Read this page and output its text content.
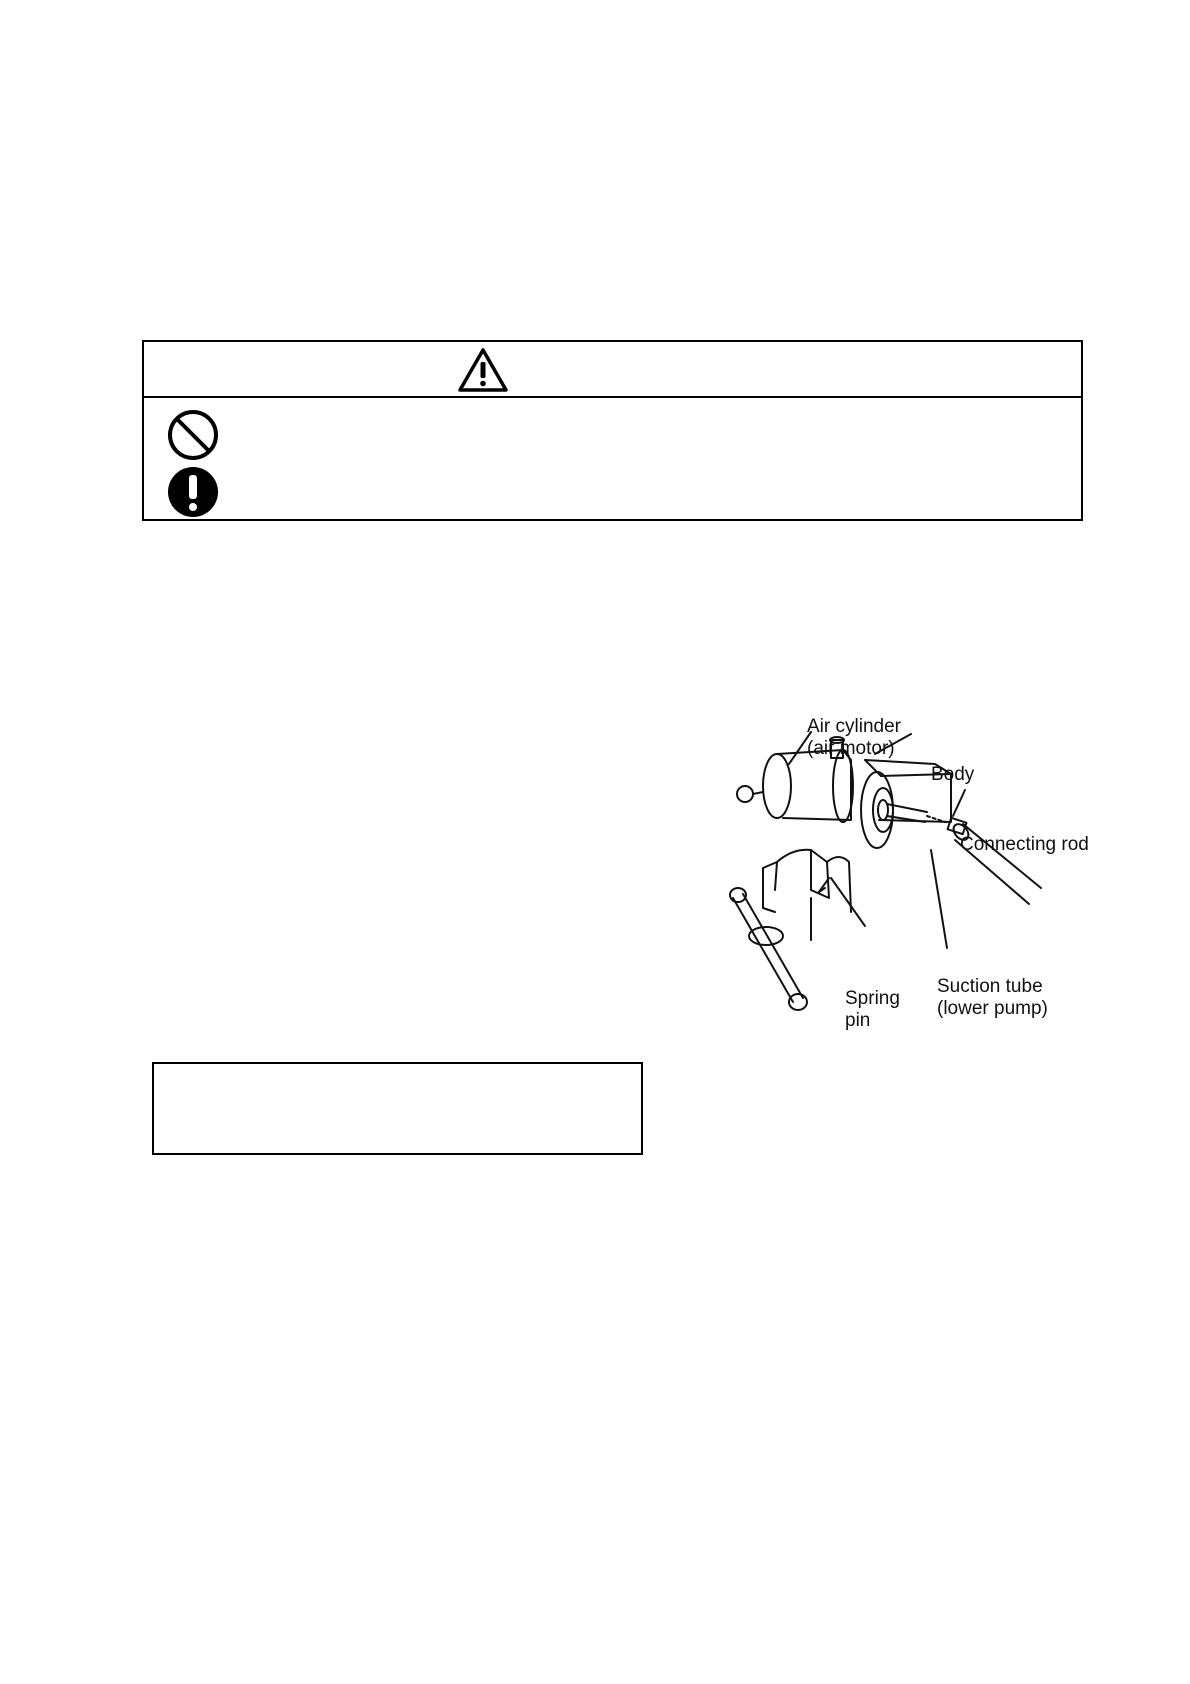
Air cylinder
(air motor)
Body
Connecting rod
Spring
pin
Suction tube
(lower pump)
